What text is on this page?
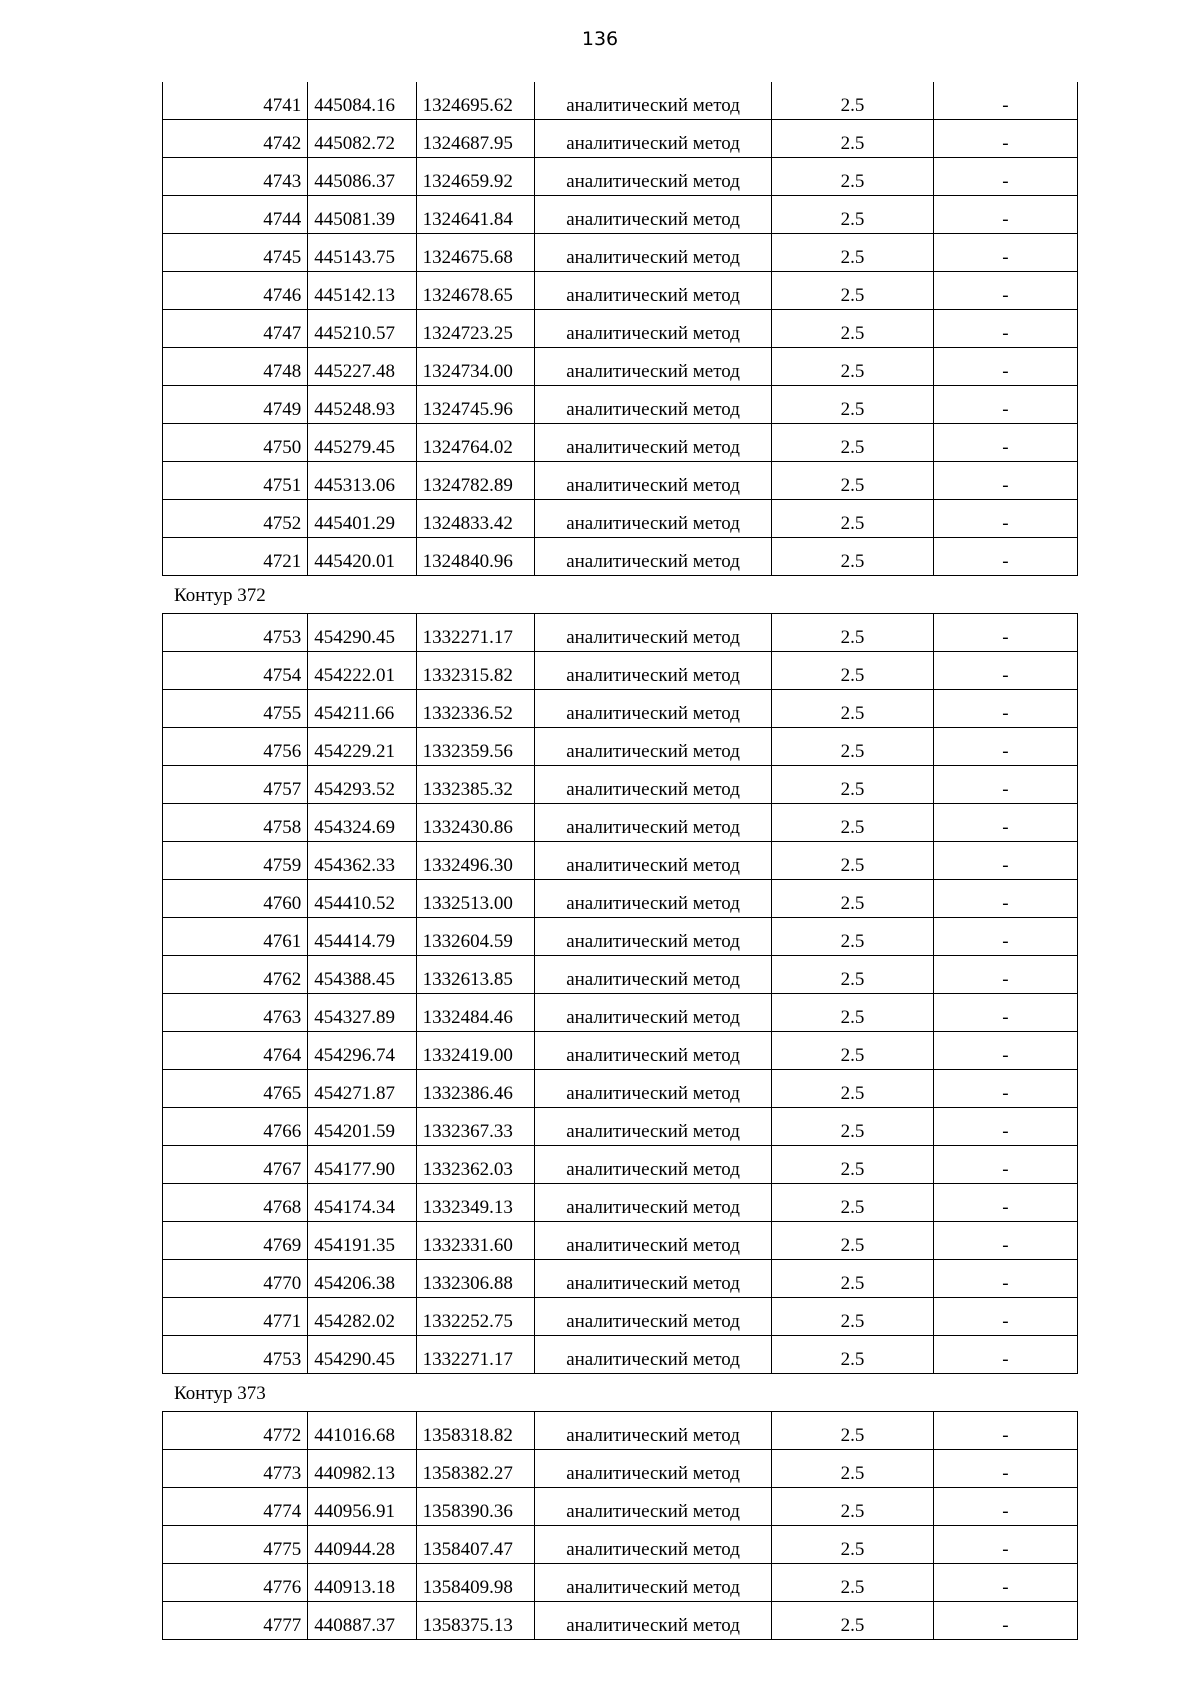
136
4741	445084.16	1324695.62	аналитический метод	2.5	-
4742	445082.72	1324687.95	аналитический метод	2.5	-
4743	445086.37	1324659.92	аналитический метод	2.5	-
4744	445081.39	1324641.84	аналитический метод	2.5	-
4745	445143.75	1324675.68	аналитический метод	2.5	-
4746	445142.13	1324678.65	аналитический метод	2.5	-
4747	445210.57	1324723.25	аналитический метод	2.5	-
4748	445227.48	1324734.00	аналитический метод	2.5	-
4749	445248.93	1324745.96	аналитический метод	2.5	-
4750	445279.45	1324764.02	аналитический метод	2.5	-
4751	445313.06	1324782.89	аналитический метод	2.5	-
4752	445401.29	1324833.42	аналитический метод	2.5	-
4721	445420.01	1324840.96	аналитический метод	2.5	-
Контур 372
4753	454290.45	1332271.17	аналитический метод	2.5	-
4754	454222.01	1332315.82	аналитический метод	2.5	-
4755	454211.66	1332336.52	аналитический метод	2.5	-
4756	454229.21	1332359.56	аналитический метод	2.5	-
4757	454293.52	1332385.32	аналитический метод	2.5	-
4758	454324.69	1332430.86	аналитический метод	2.5	-
4759	454362.33	1332496.30	аналитический метод	2.5	-
4760	454410.52	1332513.00	аналитический метод	2.5	-
4761	454414.79	1332604.59	аналитический метод	2.5	-
4762	454388.45	1332613.85	аналитический метод	2.5	-
4763	454327.89	1332484.46	аналитический метод	2.5	-
4764	454296.74	1332419.00	аналитический метод	2.5	-
4765	454271.87	1332386.46	аналитический метод	2.5	-
4766	454201.59	1332367.33	аналитический метод	2.5	-
4767	454177.90	1332362.03	аналитический метод	2.5	-
4768	454174.34	1332349.13	аналитический метод	2.5	-
4769	454191.35	1332331.60	аналитический метод	2.5	-
4770	454206.38	1332306.88	аналитический метод	2.5	-
4771	454282.02	1332252.75	аналитический метод	2.5	-
4753	454290.45	1332271.17	аналитический метод	2.5	-
Контур 373
4772	441016.68	1358318.82	аналитический метод	2.5	-
4773	440982.13	1358382.27	аналитический метод	2.5	-
4774	440956.91	1358390.36	аналитический метод	2.5	-
4775	440944.28	1358407.47	аналитический метод	2.5	-
4776	440913.18	1358409.98	аналитический метод	2.5	-
4777	440887.37	1358375.13	аналитический метод	2.5	-
